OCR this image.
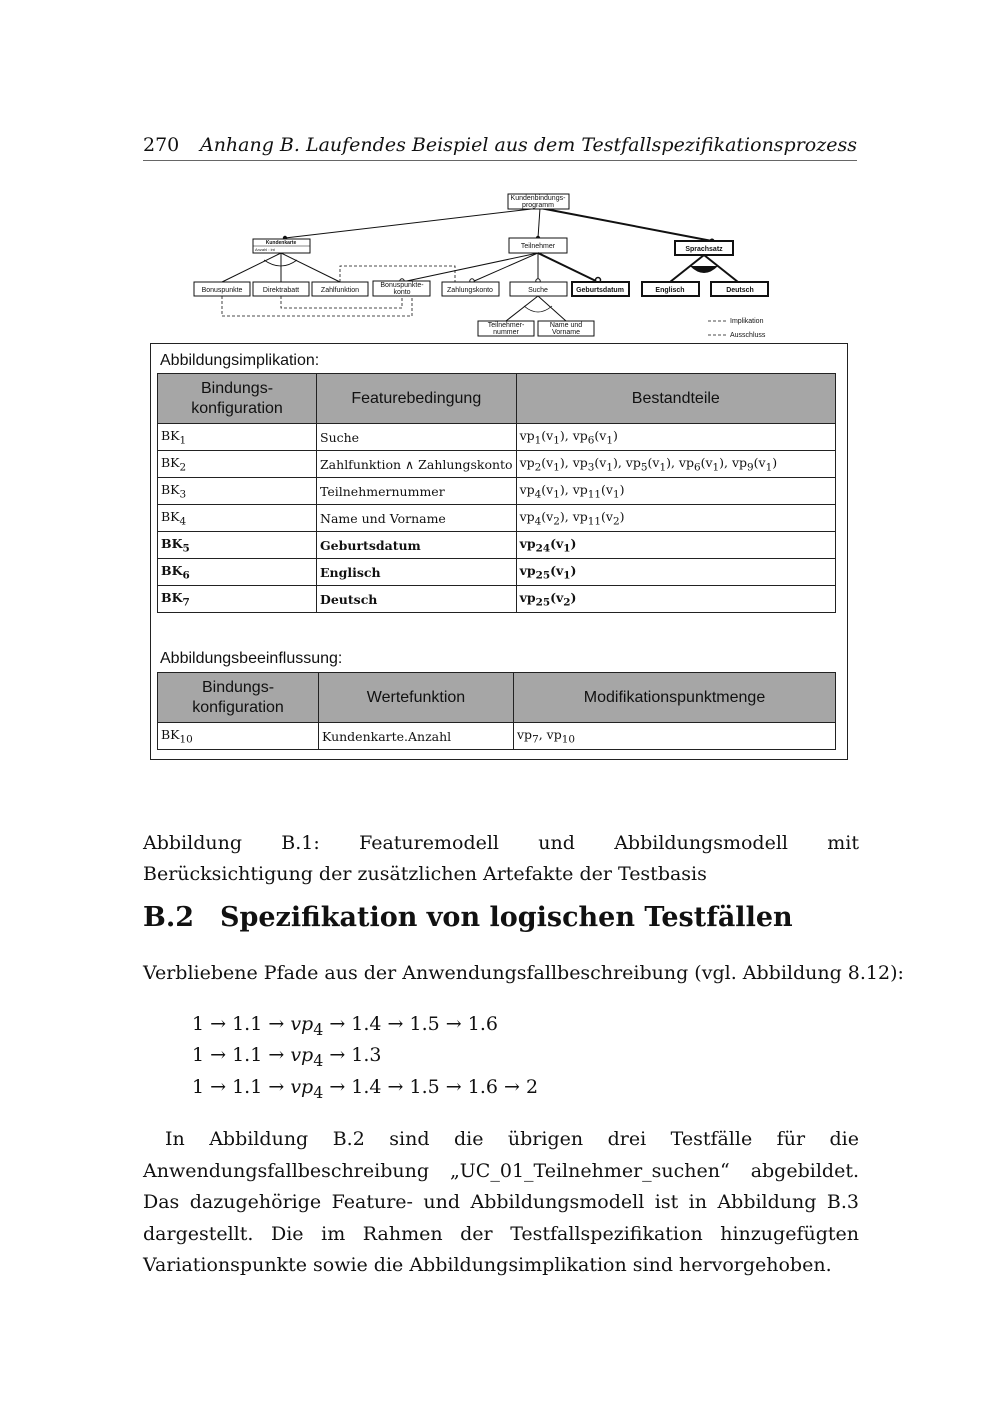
270 Anhang B. Laufendes Beispiel aus dem Testfallspezifikationsprozess
Kundenbindungs-
programm
Kundenkarte
Anzahl : int	Teilnehmer	Sprachsatz
Bonuspunkte	Direktrabatt	Zahlfunktion
Bonuspunkte-
konto	Zahlungskonto	Suche	Geburtsdatum	Englisch	Deutsch
Teilnehmer-
nummer
Name und
Vorname
Implikation
Ausschluss
Abbildungsimplikation:
Bindungs-
konfiguration	Featurebedingung	Bestandteile
$BK_1$	Suche	$vp_1(v_1)$, $vp_6(v_1)$
$BK_2$	Zahlfunktion ∧ Zahlungskonto	$vp_2(v_1)$, $vp_3(v_1)$, $vp_5(v_1)$, $vp_6(v_1)$, $vp_9(v_1)$
$BK_3$	Teilnehmernummer	$vp_4(v_1)$, $vp_{11}(v_1)$
$BK_4$	Name und Vorname	$vp_4(v_2)$, $vp_{11}(v_2)$
$BK_5$	Geburtsdatum	$vp_{24}(v_1)$
$BK_6$	Englisch	$vp_{25}(v_1)$
$BK_7$	Deutsch	$vp_{25}(v_2)$
Abbildungsbeeinflussung:
Bindungs-
konfiguration	Wertefunktion	Modifikationspunktmenge
$BK_{10}$	Kundenkarte.Anzahl	$vp_7$, $vp_{10}$
Abbildung B.1: Featuremodell und Abbildungsmodell mit Berücksichtigung der zusätzlichen Artefakte der Testbasis
B.2 Spezifikation von logischen Testfällen
Verbliebene Pfade aus der Anwendungsfallbeschreibung (vgl. Abbildung 8.12):
$1 \to 1.1 \to vp_4 \to 1.4 \to 1.5 \to 1.6$
$1 \to 1.1 \to vp_4 \to 1.3$
$1 \to 1.1 \to vp_4 \to 1.4 \to 1.5 \to 1.6 \to 2$
In Abbildung B.2 sind die übrigen drei Testfälle für die Anwendungsfallbeschreibung „UC_01_Teilnehmer_suchen“ abgebildet. Das dazugehörige Feature- und Abbildungsmodell ist in Abbildung B.3 dargestellt. Die im Rahmen der Testfallspezifikation hinzugefügten Variationspunkte sowie die Abbildungsimplikation sind hervorgehoben.
